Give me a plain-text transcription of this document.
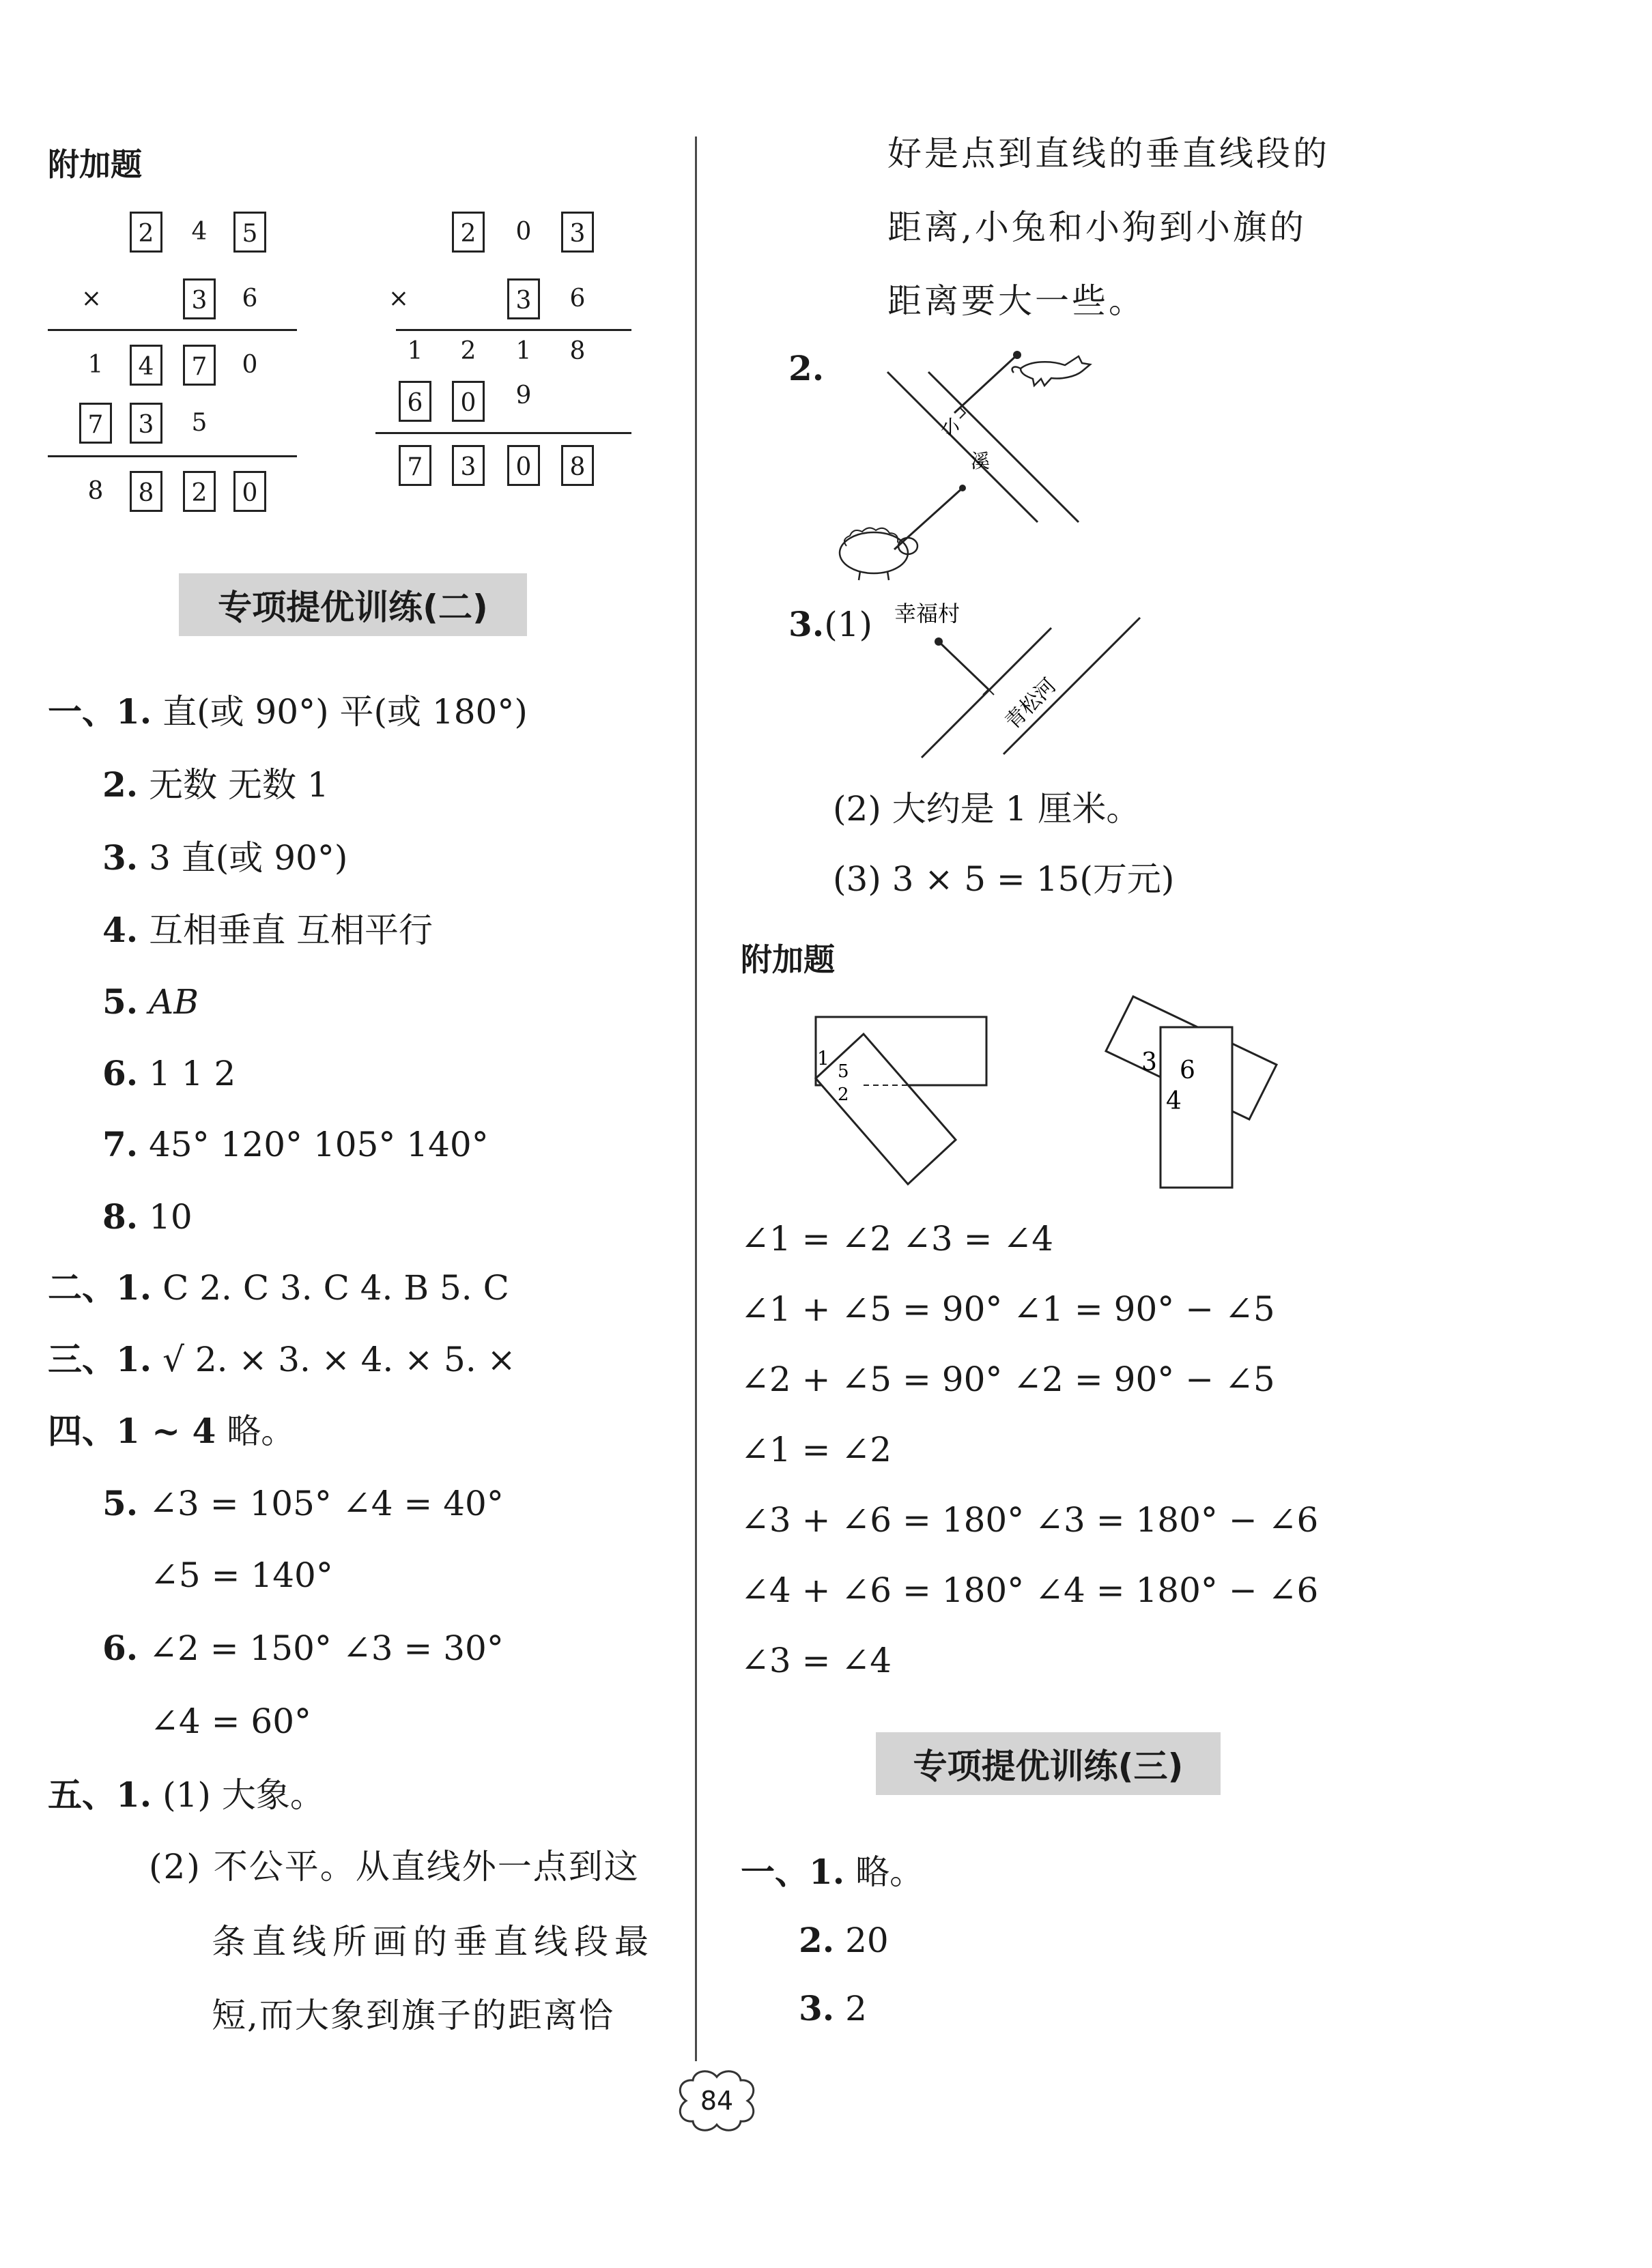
附加题
2	4	5
×	3	6
1	4	7	0
7	3	5
8	8	2	0
2	0	3
×	3	6
1	2	1	8
6	0	9
7	3	0	8
专项提优训练(二)
一、1. 直(或 90°) 平(或 180°)
2. 无数 无数 1
3. 3 直(或 90°)
4. 互相垂直 互相平行
5. AB
6. 1 1 2
7. 45° 120° 105° 140°
8. 10
二、1. C 2. C 3. C 4. B 5. C
三、1. √ 2. × 3. × 4. × 5. ×
四、1 ~ 4 略。
5. ∠3 = 105° ∠4 = 40°
∠5 = 140°
6. ∠2 = 150° ∠3 = 30°
∠4 = 60°
五、1. (1) 大象。
(2) 不公平。从直线外一点到这
条直线所画的垂直线段最
短,而大象到旗子的距离恰
好是点到直线的垂直线段的
距离,小兔和小狗到小旗的
距离要大一些。
2.
小
溪
3.(1) 幸福村
青松河
(2) 大约是 1 厘米。
(3) 3 × 5 = 15(万元)
附加题
1
5
2
3 6
4
∠1 = ∠2 ∠3 = ∠4
∠1 + ∠5 = 90° ∠1 = 90° − ∠5
∠2 + ∠5 = 90° ∠2 = 90° − ∠5
∠1 = ∠2
∠3 + ∠6 = 180° ∠3 = 180° − ∠6
∠4 + ∠6 = 180° ∠4 = 180° − ∠6
∠3 = ∠4
专项提优训练(三)
一、1. 略。
2. 20
3. 2
84
